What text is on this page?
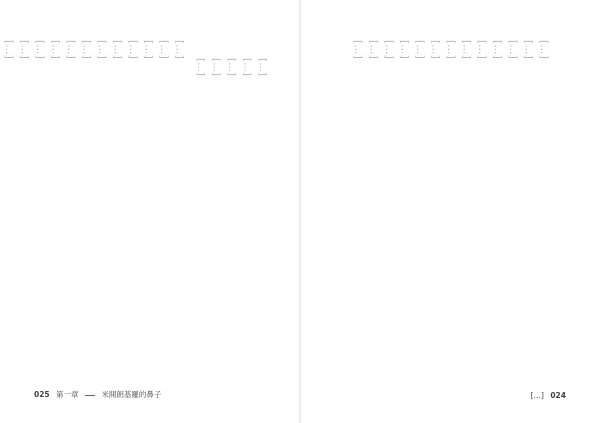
[…]
[…]
[…]
[…]
[…]
[…]
[…]
[…]
[…]
[…]
[…]
[…]
[…]
[…]
[…]
[…]
[…]
025 第一章	米開朗基羅的鼻子
[…]
[…]
[…]
[…]
[…]
[…]
[…]
[…]
[…]
[…]
[…]
[…]
[…]
[…] 024
